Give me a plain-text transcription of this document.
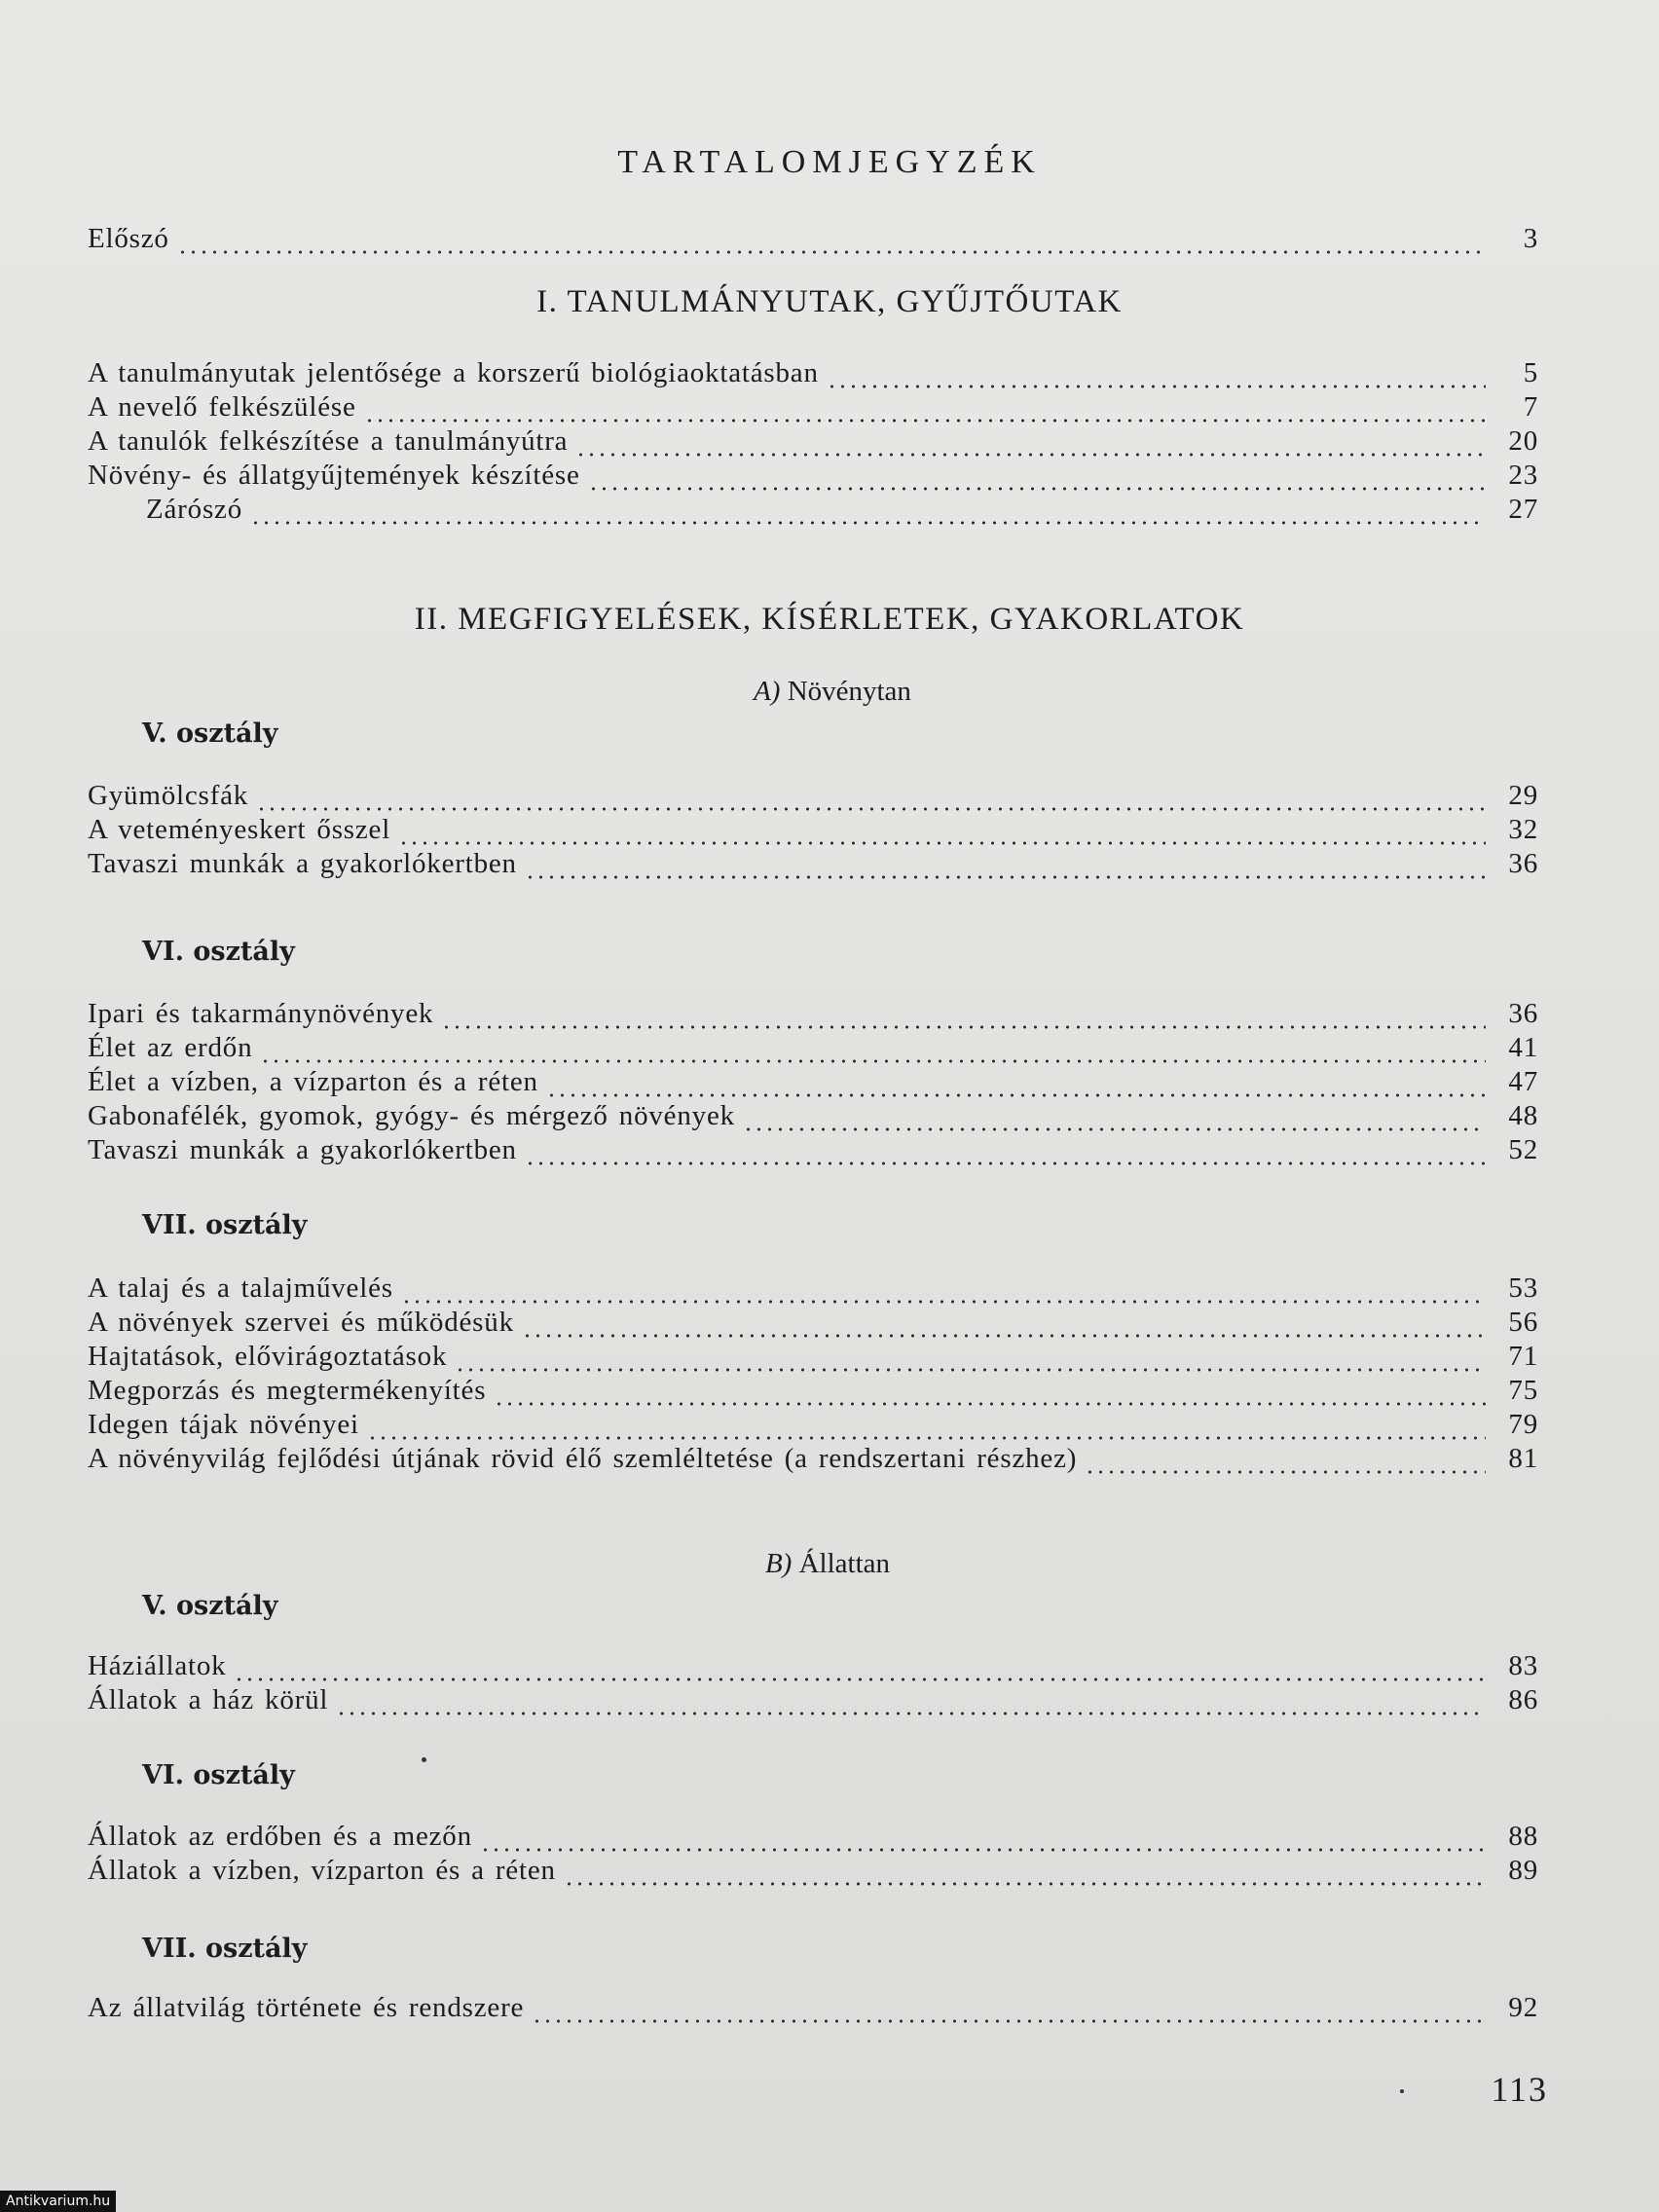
TARTALOMJEGYZÉK
Előszó	3
I. TANULMÁNYUTAK, GYŰJTŐUTAK
A tanulmányutak jelentősége a korszerű biológiaoktatásban	5
A nevelő felkészülése	7
A tanulók felkészítése a tanulmányútra	20
Növény- és állatgyűjtemények készítése	23
Zárószó	27
II. MEGFIGYELÉSEK, KÍSÉRLETEK, GYAKORLATOK
A) Növénytan
V. osztály
Gyümölcsfák	29
A veteményeskert ősszel	32
Tavaszi munkák a gyakorlókertben	36
VI. osztály
Ipari és takarmánynövények	36
Élet az erdőn	41
Élet a vízben, a vízparton és a réten	47
Gabonafélék, gyomok, gyógy- és mérgező növények	48
Tavaszi munkák a gyakorlókertben	52
VII. osztály
A talaj és a talajművelés	53
A növények szervei és működésük	56
Hajtatások, elővirágoztatások	71
Megporzás és megtermékenyítés	75
Idegen tájak növényei	79
A növényvilág fejlődési útjának rövid élő szemléltetése (a rendszertani részhez)	81
B) Állattan
V. osztály
Háziállatok	83
Állatok a ház körül	86
VI. osztály
Állatok az erdőben és a mezőn	88
Állatok a vízben, vízparton és a réten	89
VII. osztály
Az állatvilág története és rendszere	92
113
Antikvarium.hu
